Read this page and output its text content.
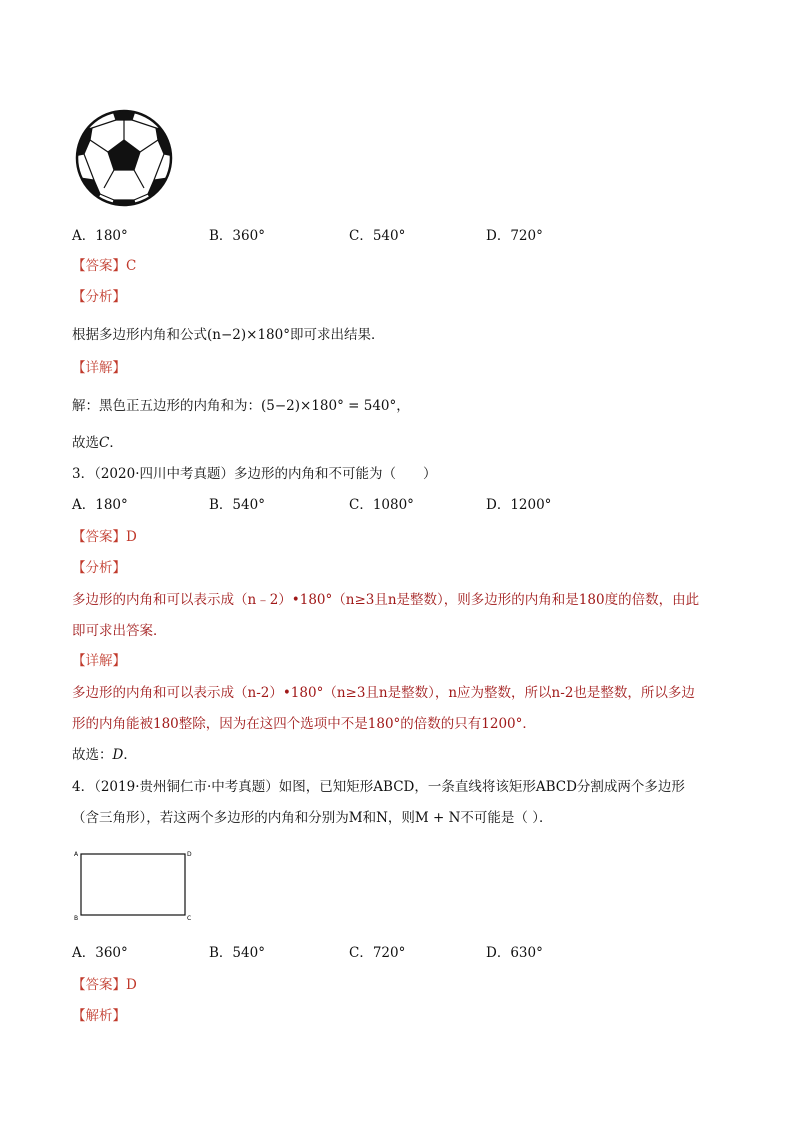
A．180°	B．360°	C．540°	D．720°
【答案】C
【分析】
根据多边形内角和公式(n−2)×180°即可求出结果．
【详解】
解：黑色正五边形的内角和为：(5−2)×180° = 540°，
故选C．
3．（2020·四川中考真题）多边形的内角和不可能为（　　）
A．180°	B．540°	C．1080°	D．1200°
【答案】D
【分析】
多边形的内角和可以表示成（n﹣2）•180°（n≥3且n是整数），则多边形的内角和是180度的倍数，由此
即可求出答案．
【详解】
多边形的内角和可以表示成（n-2）•180°（n≥3且n是整数），n应为整数，所以n-2也是整数，所以多边
形的内角能被180整除，因为在这四个选项中不是180°的倍数的只有1200°．
故选：D．
4．（2019·贵州铜仁市·中考真题）如图，已知矩形ABCD，一条直线将该矩形ABCD分割成两个多边形
（含三角形），若这两个多边形的内角和分别为M和N，则M + N不可能是（ ）．
A	D
B	C
A．360°	B．540°	C．720°	D．630°
【答案】D
【解析】
